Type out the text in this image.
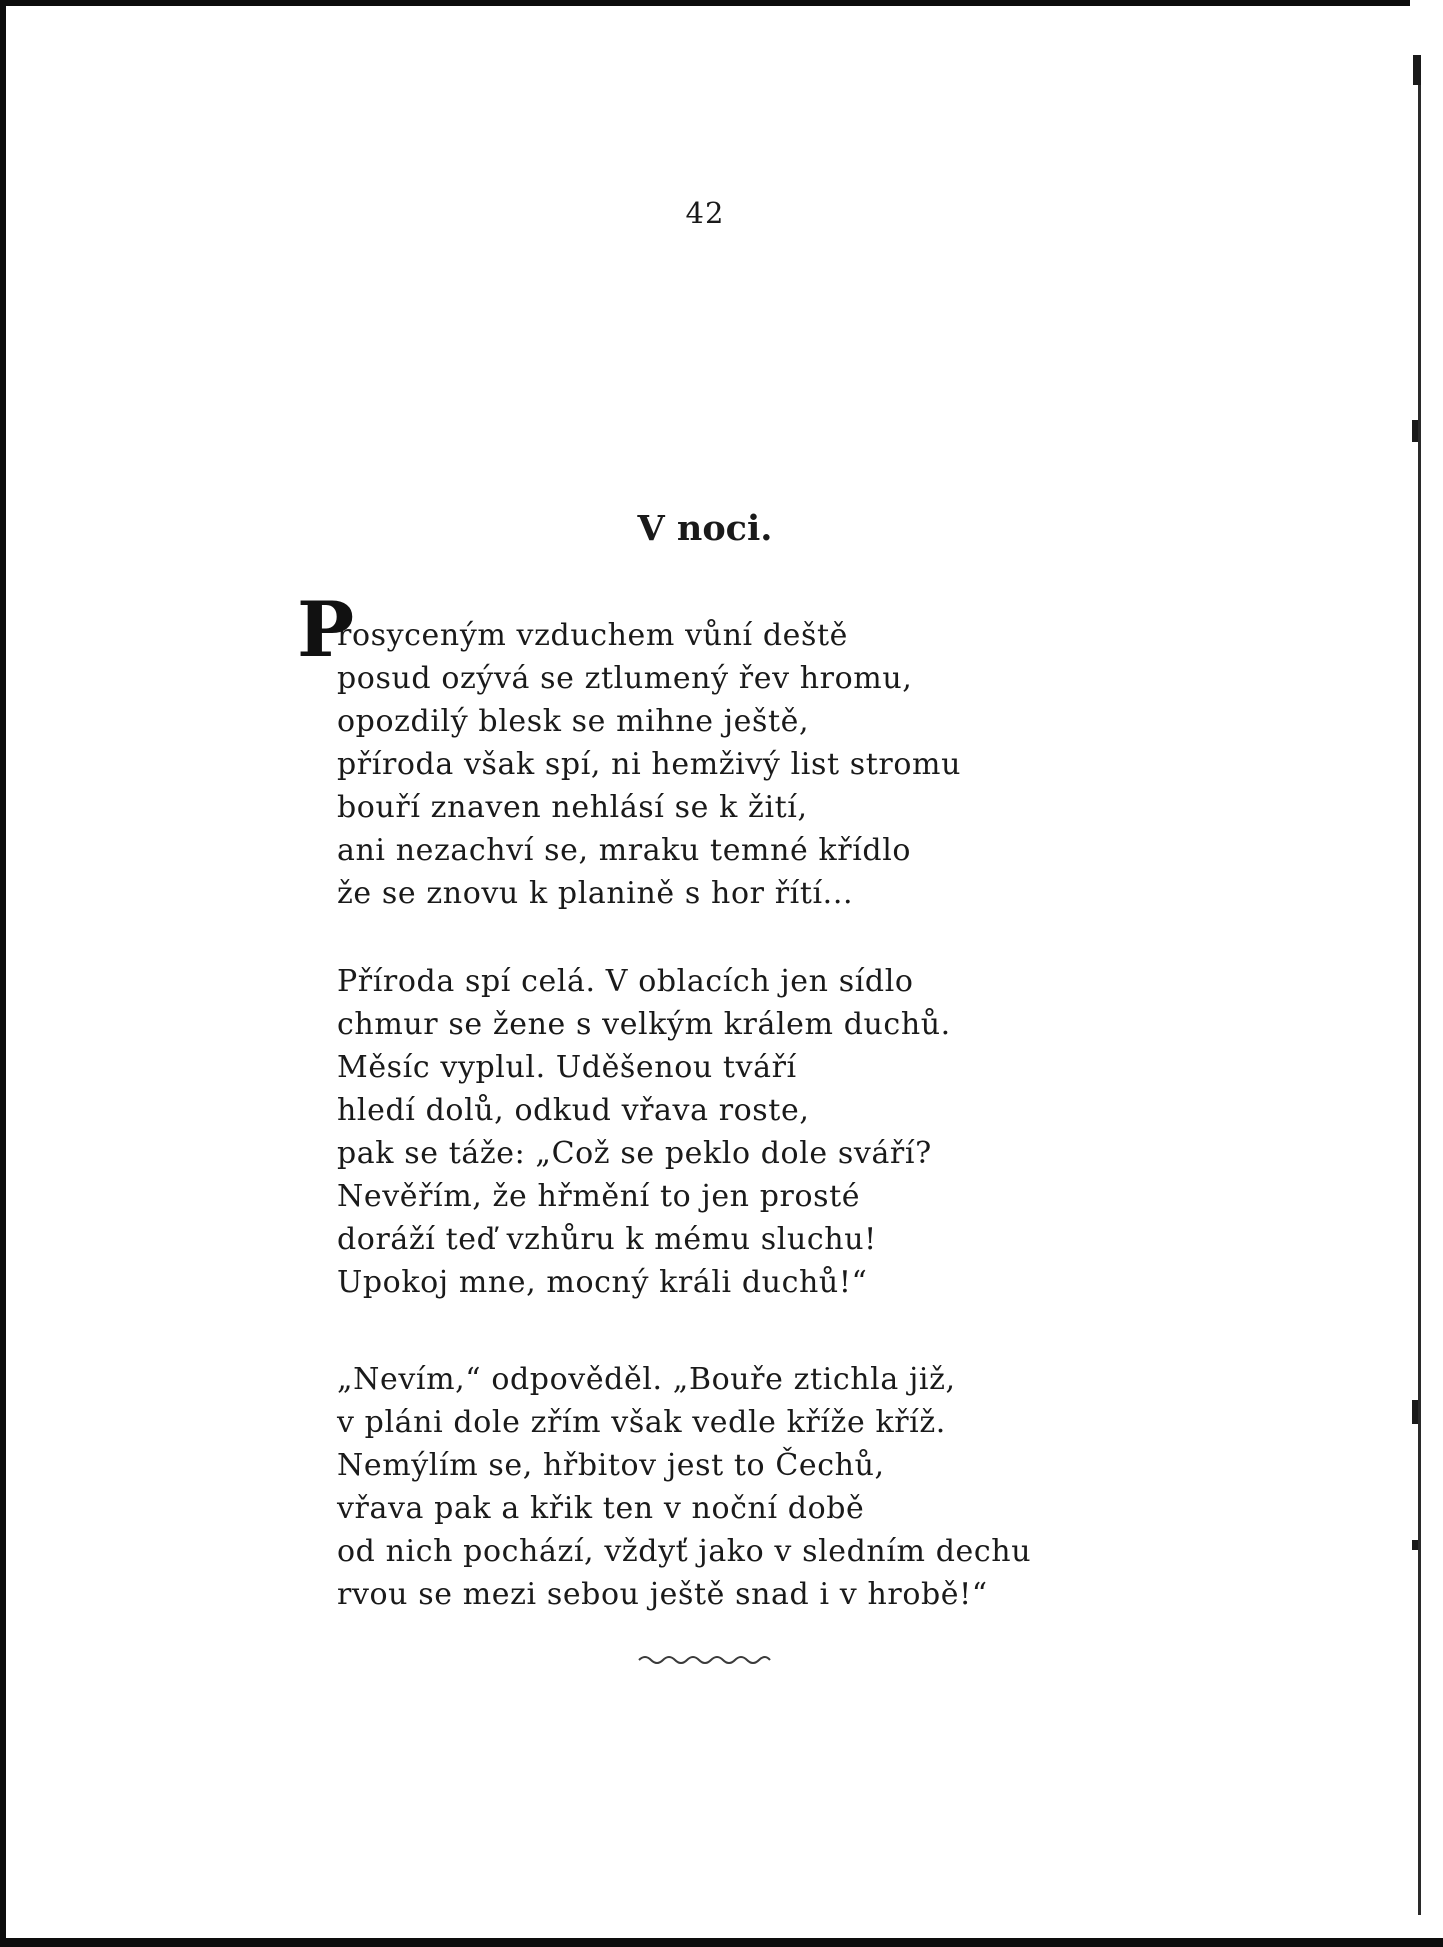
42
V noci.
P
rosyceným vzduchem vůní deště
posud ozývá se ztlumený řev hromu,
opozdilý blesk se mihne ještě,
příroda však spí, ni hemživý list stromu
bouří znaven nehlásí se k žití,
ani nezachví se, mraku temné křídlo
že se znovu k planině s hor řítí...
Příroda spí celá. V oblacích jen sídlo
chmur se žene s velkým králem duchů.
Měsíc vyplul. Uděšenou tváří
hledí dolů, odkud vřava roste,
pak se táže: „Což se peklo dole sváří?
Nevěřím, že hřmění to jen prosté
doráží teď vzhůru k mému sluchu!
Upokoj mne, mocný králi duchů!“
„Nevím,“ odpověděl. „Bouře ztichla již,
v pláni dole zřím však vedle kříže kříž.
Nemýlím se, hřbitov jest to Čechů,
vřava pak a křik ten v noční době
od nich pochází, vždyť jako v sledním dechu
rvou se mezi sebou ještě snad i v hrobě!“
